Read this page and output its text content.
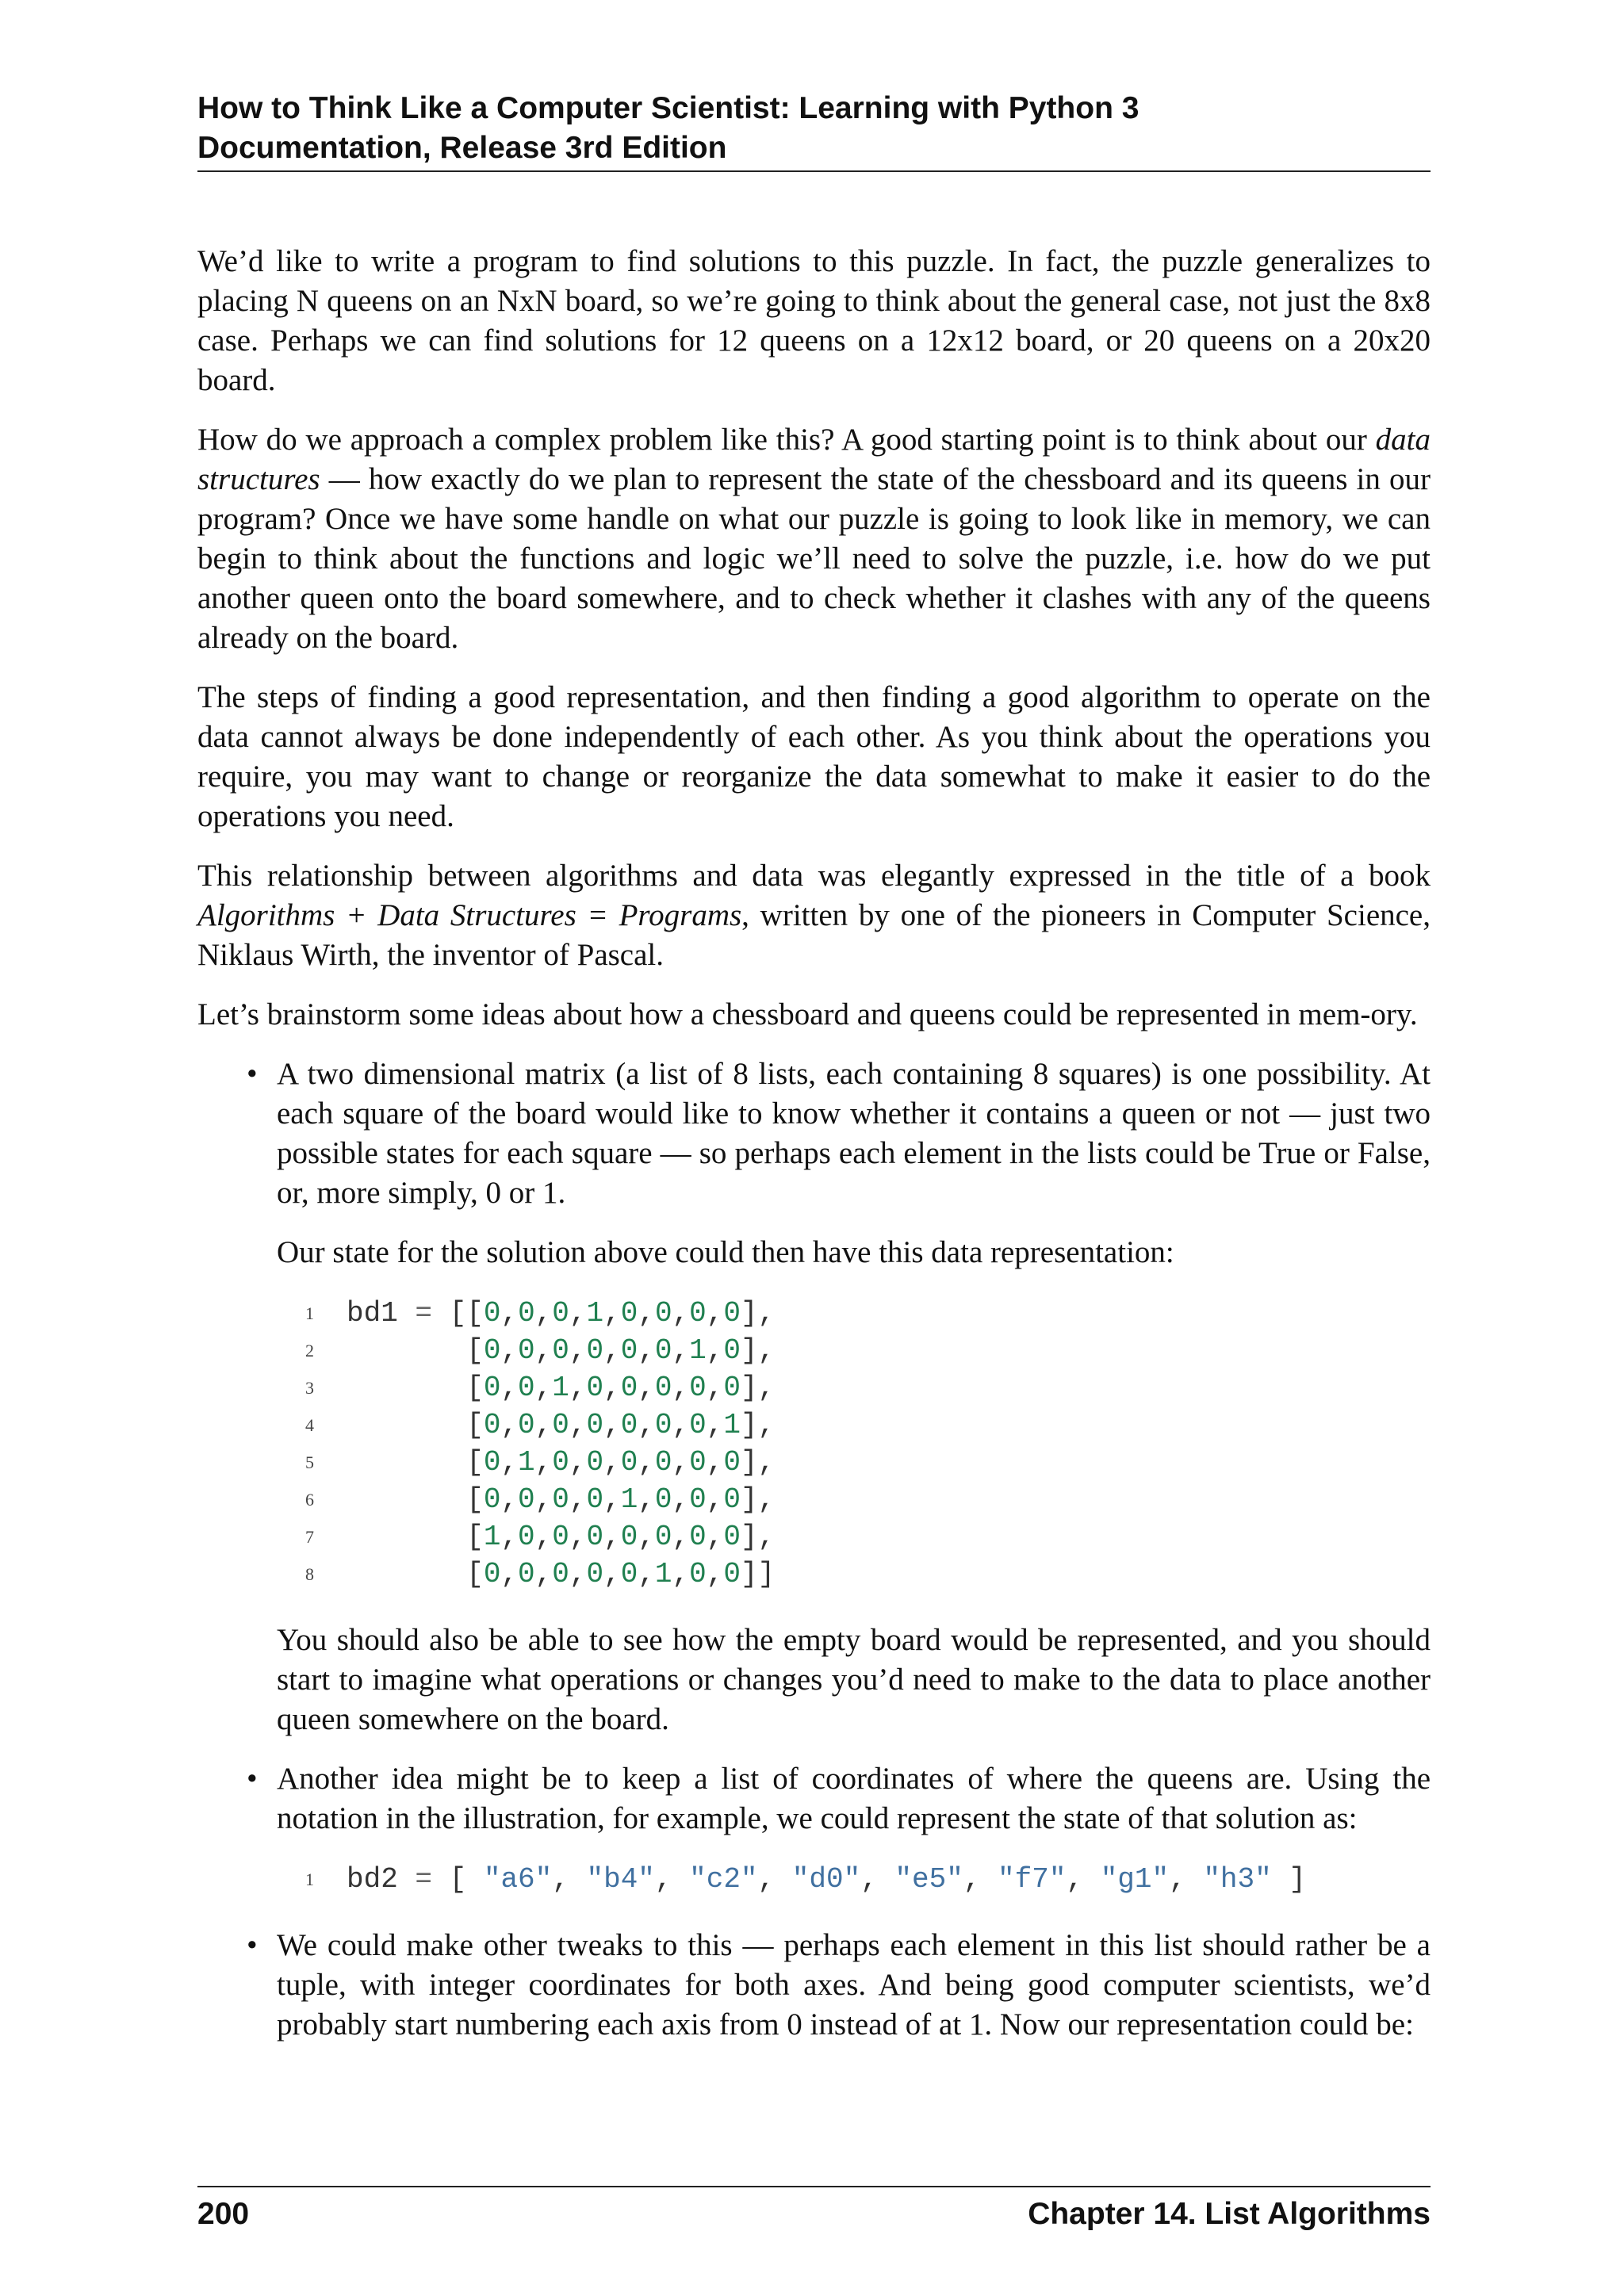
How to Think Like a Computer Scientist: Learning with Python 3
Documentation, Release 3rd Edition

We’d like to write a program to find solutions to this puzzle. In fact, the puzzle generalizes to placing N queens on an NxN board, so we’re going to think about the general case, not just the 8x8 case. Perhaps we can find solutions for 12 queens on a 12x12 board, or 20 queens on a 20x20 board.

How do we approach a complex problem like this? A good starting point is to think about our data structures — how exactly do we plan to represent the state of the chessboard and its queens in our program? Once we have some handle on what our puzzle is going to look like in memory, we can begin to think about the functions and logic we’ll need to solve the puzzle, i.e. how do we put another queen onto the board somewhere, and to check whether it clashes with any of the queens already on the board.

The steps of finding a good representation, and then finding a good algorithm to operate on the data cannot always be done independently of each other. As you think about the operations you require, you may want to change or reorganize the data somewhat to make it easier to do the operations you need.

This relationship between algorithms and data was elegantly expressed in the title of a book Algorithms + Data Structures = Programs, written by one of the pioneers in Computer Science, Niklaus Wirth, the inventor of Pascal.

Let’s brainstorm some ideas about how a chessboard and queens could be represented in mem-ory.

• A two dimensional matrix (a list of 8 lists, each containing 8 squares) is one possibility. At each square of the board would like to know whether it contains a queen or not — just two possible states for each square — so perhaps each element in the lists could be True or False, or, more simply, 0 or 1.

Our state for the solution above could then have this data representation:

1	bd1 = [[0,0,0,1,0,0,0,0],
2	[0,0,0,0,0,0,1,0],
3	[0,0,1,0,0,0,0,0],
4	[0,0,0,0,0,0,0,1],
5	[0,1,0,0,0,0,0,0],
6	[0,0,0,0,1,0,0,0],
7	[1,0,0,0,0,0,0,0],
8	[0,0,0,0,0,1,0,0]]

You should also be able to see how the empty board would be represented, and you should start to imagine what operations or changes you’d need to make to the data to place another queen somewhere on the board.

• Another idea might be to keep a list of coordinates of where the queens are. Using the notation in the illustration, for example, we could represent the state of that solution as:

1	bd2 = [ "a6", "b4", "c2", "d0", "e5", "f7", "g1", "h3" ]
• We could make other tweaks to this — perhaps each element in this list should rather be a tuple, with integer coordinates for both axes. And being good computer scientists, we’d probably start numbering each axis from 0 instead of at 1. Now our representation could be:

200	Chapter 14. List Algorithms
